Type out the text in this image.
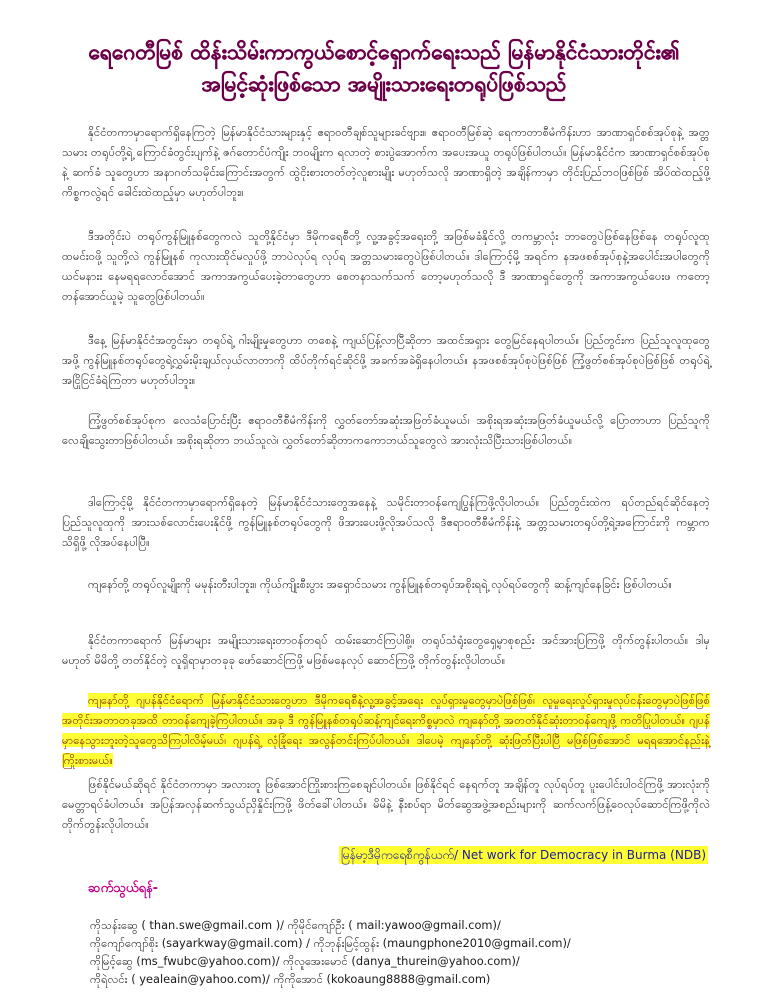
ရေဂေတီမြစ် ထိန်းသိမ်းကာကွယ်စောင့်ရှောက်ရေးသည် မြန်မာနိုင်ငံသားတိုင်း၏
အမြင့်ဆုံးဖြစ်သော အမျိုးသားရေးတရုပ်ဖြစ်သည်
နိုင်ငံတကာမှာရောက်ရှိနေကြတဲ့ မြန်မာနိုင်ငံသားများနှင့် ဧရာဝတီချစ်သူများခင်ဗျား။ ဧရာဝတီမြစ်ဆဲ့ ရေကာတာစီမံကိန်းဟာ အာဏာရှင်စစ်အုပ်စုနဲ့ အတ္တသမား တရုပ်တို့ရဲ့ ကြောင်ခံတွင်းပျက်နဲ့ ဇဂ်တောင်ပံကျိုး ဘဝမျိုးက ရလာတဲ့ စားပွဲအောက်က အပေးအယူ တရုပ်ဖြစ်ပါတယ်။ မြန်မာနိုင်ငံက အာဏာရှင်စစ်အုပ်စုနဲ့ ဆက်ခံ သူတွေဟာ အနာဂတ်သမိုင်းကြောင်းအတွက် ထွဲငိုးစားတတ်တဲ့လူစားမျိုး မဟုတ်သလို အာဏာရှိတဲ့ အချိန်ကာမှာ တိုင်းပြည်ဘဝဖြစ်ဖြစ် အိပ်ထဲထည့်ဖို့ကိစ္စကလွဲရင် ခေါင်းထဲထည့်မှာ မဟုတ်ပါဘူး။
ဒီအတိုင်းပဲ တရုပ်ကွန်မြူနစ်တွေကလဲ သူတို့နိုင်ငံမှာ ဒီမိုကရေစီတို့ လူ့အခွင့်အရေးတို့ အဖြစ်မခံနိုင်လို့ တကမ္ဘာလုံး ဘာတွေပဲဖြစ်နေဖြစ်နေ တရုပ်လူထု ထမင်းဝဖို့ သူတို့လဲ ကွန်မြူနစ် ကုလားထိုင်မလှုပ်ဖို့ ဘာပဲလုပ်ရ လုပ်ရ အတ္တသမားတွေပဲဖြစ်ပါတယ်။ ဒါကြောင့်မို့ အရင်က နအဖစစ်အုပ်စုနဲ့အပေါင်းအပါတွေကို ယင်မနားး နေမရရလောင်အောင် အကာအကွယ်ပေးခဲ့တာတွေဟာ စေတနာသက်သက် တော့မဟုတ်သလို ဒီ အာဏာရှင်တွေကို အကာအကွယ်ပေးဖ ကတော့ တန်အောင်ယူမဲ့ သူတွေဖြစ်ပါတယ်။
ဒီနေ့ မြန်မာနိုင်ငံအတွင်းမှာ တရုပ်ရဲ့ ဂါးမျိုးမှုတွေဟာ တစေနဲ့ ကျယ်ပြန့်လာပြီဆိုတာ အထင်အရှား တွေမြင်နေရပါတယ်။ ပြည်တွင်းက ပြည်သူလူထုတွေအဖို့ ကွန်မြူနစ်တရုပ်တွေရဲ့လွှမ်းမိုးချယ်လှယ်လာတာကို ထိပ်တိုက်ရင်ဆိုင်ဖို့ အခက်အခဲရှိနေပါတယ်။ နအဖစစ်အုပ်စုပဲဖြစ်ဖြစ် ကြံ့ဖွတ်စစ်အုပ်စုပဲဖြစ်ဖြစ် တရုပ်ရဲ့ အငြိုငြင်ခံရဲကြတာ မဟုတ်ပါဘူး။
ကြံ့ဖွတ်စစ်အုပ်စုက လေသံပြောင်းပြီး ဧရာဝတီစီမံကိန်းကို လွှတ်တော်အဆုံးအဖြတ်ခံယူမယ်၊ အစိုးရအဆုံးအဖြတ်ခံယူမယ်လို့ ပြောတာဟာ ပြည်သူကို လေချိုသွေးတာဖြစ်ပါတယ်။ အစိုးရဆိုတာ ဘယ်သူလဲ၊ လွှတ်တော်ဆိုတာကကောဘယ်သူတွေလဲ အားလုံးသိပြီးသားဖြစ်ပါတယ်။
ဒါကြောင့်မို့ နိုင်ငံတကာမှာရောက်ရှိနေတဲ့ မြန်မာနိုင်ငံသားတွေအနေနဲ့ သမိုင်းတာဝန်ကျေပြွန်ကြဖို့လိုပါတယ်။ ပြည်တွင်းထဲက ရပ်တည်ရင်ဆိုင်နေတဲ့ ပြည်သူလူထုကို အားသစ်လောင်းပေးနိုင်ဖို့ ကွန်မြူနစ်တရုပ်တွေကို ဖိအားပေးဖို့လိုအပ်သလို ဒီဧရာဝတီစီမံကိန်းနဲ့ အတ္တသမားတရုပ်တို့ရဲ့အကြောင်းကို ကမ္ဘာက သိရှိဖို့ လိုအပ်နေပါပြီ။
ကျနော်တို့ တရုပ်လူမျိုးကို မမုန်းတီးပါဘူး။ ကိုယ်ကျိုးစီးပွား အရှောင်သမား ကွန်မြူနစ်တရုပ်အစိုးရရဲ့ လုပ်ရပ်တွေကို ဆန့်ကျင်နေခြင်း ဖြစ်ပါတယ်။
နိုင်ငံတကာရောက် မြန်မာများ အမျိုးသားရေးတာဝန်တရပ် ထမ်းဆောင်ကြပါစို့။ တရုပ်သံရုံးတွေရှေ့မှာစုစည်း အင်အားပြကြဖို့ တိုက်တွန်းပါတယ်။ ဒါမှမဟုတ် မိမိတို့ တတ်နိုင်တဲ့ လူရှိရာမှာတခုခု ဖော်ဆောင်ကြဖို့ မဖြစ်မနေလုပ် ဆောင်ကြဖို့ တိုက်တွန်းလိုပါတယ်။
ကျနော်တို့ ဂျပန်နိုင်ငံရောက် မြန်မာနိုင်ငံသားတွေဟာ ဒီမိုကရေစီနဲ့လူ့အခွင့်အရေး လှုပ်ရှားမှုတွေမှာပဲဖြစ်ဖြစ်၊ လူမှုရေးလှုပ်ရှားမှုလုပ်ငန်းတွေမှာပဲဖြစ်ဖြစ် အတိုင်းအတာတခုအထိ တာဝန်ကျေခဲ့ကြပါတယ်။ အခု ဒီ ကွန်မြူနစ်တရုပ်ဆန့်ကျင်ရေးကိစ္စမှာလဲ ကျနော်တို့ အတတ်နိုင်ဆုံးတာဝန်ကျေဖို့ ကတိပြုပါတယ်။ ဂျပန်မှာနေသွားဘူးတဲ့သူတွေသိကြပါလိမ့်မယ်၊ ဂျပန်ရဲ့ လုံခြုံရေး အလွန်တင်းကြပ်ပါတယ်။ ဒါပေမဲ့ ကျနော်တို့ ဆုံးဖြတ်ပြီးပါပြီ မဖြစ်ဖြစ်အောင် မရရအောင်နည်းနဲ့ ကြိုးစားမယ်။
ဖြစ်နိုင်မယ်ဆိုရင် နိုင်ငံတကာမှာ အလားတူ ဖြစ်အောင်ကြိုးစားကြစေချင်ပါတယ်။ ဖြစ်နိုင်ရင် နေရက်တူ အချိန်တူ လုပ်ရပ်တူ ပူးပေါင်းပါဝင်ကြဖို့ အားလုံးကို မေတ္တာရပ်ခံပါတယ်။ အပြန်အလှန်ဆက်သွယ်ညှိနှိုင်းကြဖို့ ဖိတ်ခေါ်ပါတယ်။ မိမိနဲ့ နီးစပ်ရာ မိတ်ဆွေအဖွဲ့အစည်းများကို ဆက်လက်ဖြန့်ဝေလုပ်ဆောင်ကြဖို့ကိုလဲ တိုက်တွန်းလိုပါတယ်။
မြန်မာ့ဒီမိုကရေစီကွန်ယက်/ Net work for Democracy in Burma (NDB)
ဆက်သွယ်ရန်-
ကိုသန်းဆွေ ( than.swe@gmail.com )/ ကိုမိုင်ကျော်ဦး ( mail:yawoo@gmail.com)/
ကိုကျော်ကျော်စိုး (sayarkway@gmail.com) / ကိုဘုန်းမြင့်ထွန်း (maungphone2010@gmail.com)/
ကိုမြင့်ဆွေ (ms_fwubc@yahoo.com)/ ကိုလူအေးမောင် (danya_thurein@yahoo.com)/
ကိုရဲလင်း ( yealeain@yahoo.com)/ ကိုကိုအောင် (kokoaung8888@gmail.com)
